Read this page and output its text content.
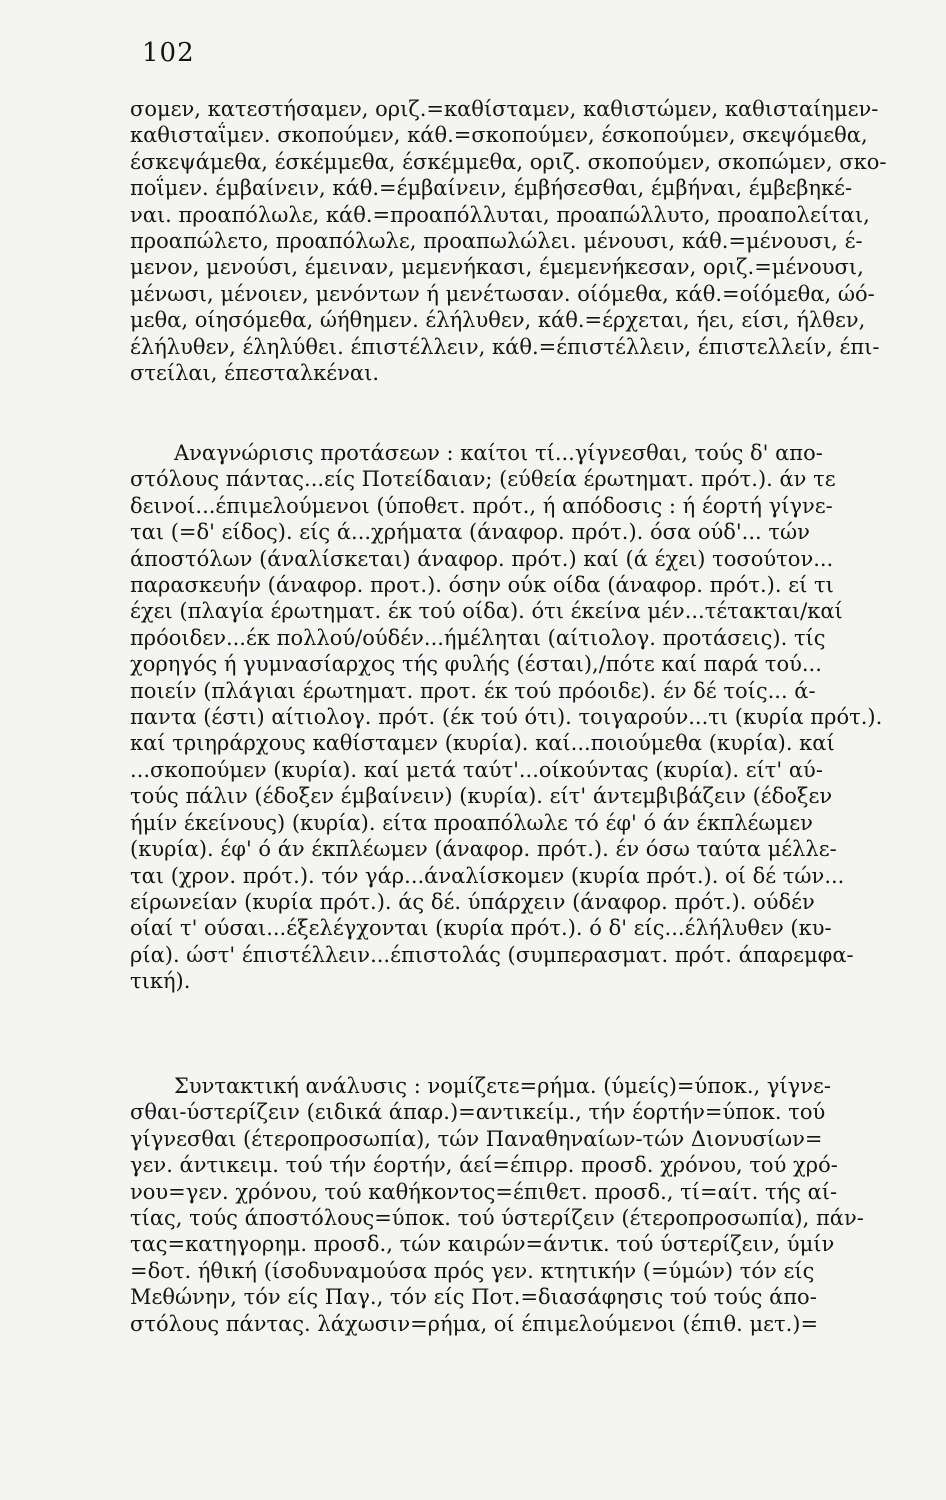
102
σομεν, κατεστήσαμεν, οριζ.=καθίσταμεν, καθιστώμεν, καθισταίημεν-
καθισταΐμεν. σκοπούμεν, κάθ.=σκοπούμεν, έσκοπούμεν, σκεψόμεθα,
έσκεψάμεθα, έσκέμμεθα, έσκέμμεθα, οριζ. σκοπούμεν, σκοπώμεν, σκο-
ποΐμεν. έμβαίνειν, κάθ.=έμβαίνειν, έμβήσεσθαι, έμβήναι, έμβεβηκέ-
ναι. προαπόλωλε, κάθ.=προαπόλλυται, προαπώλλυτο, προαπολείται,
προαπώλετο, προαπόλωλε, προαπωλώλει. μένουσι, κάθ.=μένουσι, έ-
μενον, μενούσι, έμειναν, μεμενήκασι, έμεμενήκεσαν, οριζ.=μένουσι,
μένωσι, μένοιεν, μενόντων ή μενέτωσαν. οίόμεθα, κάθ.=οίόμεθα, ώό-
μεθα, οίησόμεθα, ώήθημεν. έλήλυθεν, κάθ.=έρχεται, ήει, είσι, ήλθεν,
έλήλυθεν, έληλύθει. έπιστέλλειν, κάθ.=έπιστέλλειν, έπιστελλείν, έπι-
στείλαι, έπεσταλκέναι.
Αναγνώρισις προτάσεων : καίτοι τί...γίγνεσθαι, τούς δ' απο-
στόλους πάντας...είς Ποτείδαιαν; (εύθεία έρωτηματ. πρότ.). άν τε
δεινοί...έπιμελούμενοι (ύποθετ. πρότ., ή απόδοσις : ή έορτή γίγνε-
ται (=δ' είδος). είς ά...χρήματα (άναφορ. πρότ.). όσα ούδ'... τών
άποστόλων (άναλίσκεται) άναφορ. πρότ.) καί (ά έχει) τοσούτον...
παρασκευήν (άναφορ. προτ.). όσην ούκ οίδα (άναφορ. πρότ.). εί τι
έχει (πλαγία έρωτηματ. έκ τού οίδα). ότι έκείνα μέν...τέτακται/καί
πρόοιδεν...έκ πολλού/ούδέν...ήμέληται (αίτιολογ. προτάσεις). τίς
χορηγός ή γυμνασίαρχος τής φυλής (έσται),/πότε καί παρά τού...
ποιείν (πλάγιαι έρωτηματ. προτ. έκ τού πρόοιδε). έν δέ τοίς... ά-
παντα (έστι) αίτιολογ. πρότ. (έκ τού ότι). τοιγαρούν...τι (κυρία πρότ.).
καί τριηράρχους καθίσταμεν (κυρία). καί...ποιούμεθα (κυρία). καί
...σκοπούμεν (κυρία). καί μετά ταύτ'...οίκούντας (κυρία). είτ' αύ-
τούς πάλιν (έδοξεν έμβαίνειν) (κυρία). είτ' άντεμβιβάζειν (έδοξεν
ήμίν έκείνους) (κυρία). είτα προαπόλωλε τό έφ' ό άν έκπλέωμεν
(κυρία). έφ' ό άν έκπλέωμεν (άναφορ. πρότ.). έν όσω ταύτα μέλλε-
ται (χρον. πρότ.). τόν γάρ...άναλίσκομεν (κυρία πρότ.). οί δέ τών...
είρωνείαν (κυρία πρότ.). άς δέ. ύπάρχειν (άναφορ. πρότ.). ούδέν
οίαί τ' ούσαι...έξελέγχονται (κυρία πρότ.). ό δ' είς...έλήλυθεν (κυ-
ρία). ώστ' έπιστέλλειν...έπιστολάς (συμπερασματ. πρότ. άπαρεμφα-
τική).
Συντακτική ανάλυσις : νομίζετε=ρήμα. (ύμείς)=ύποκ., γίγνε-
σθαι-ύστερίζειν (ειδικά άπαρ.)=αντικείμ., τήν έορτήν=ύποκ. τού
γίγνεσθαι (έτεροπροσωπία), τών Παναθηναίων-τών Διονυσίων=
γεν. άντικειμ. τού τήν έορτήν, άεί=έπιρρ. προσδ. χρόνου, τού χρό-
νου=γεν. χρόνου, τού καθήκοντος=έπιθετ. προσδ., τί=αίτ. τής αί-
τίας, τούς άποστόλους=ύποκ. τού ύστερίζειν (έτεροπροσωπία), πάν-
τας=κατηγορημ. προσδ., τών καιρών=άντικ. τού ύστερίζειν, ύμίν
=δοτ. ήθική (ίσοδυναμούσα πρός γεν. κτητικήν (=ύμών) τόν είς
Μεθώνην, τόν είς Παγ., τόν είς Ποτ.=διασάφησις τού τούς άπο-
στόλους πάντας. λάχωσιν=ρήμα, οί έπιμελούμενοι (έπιθ. μετ.)=
